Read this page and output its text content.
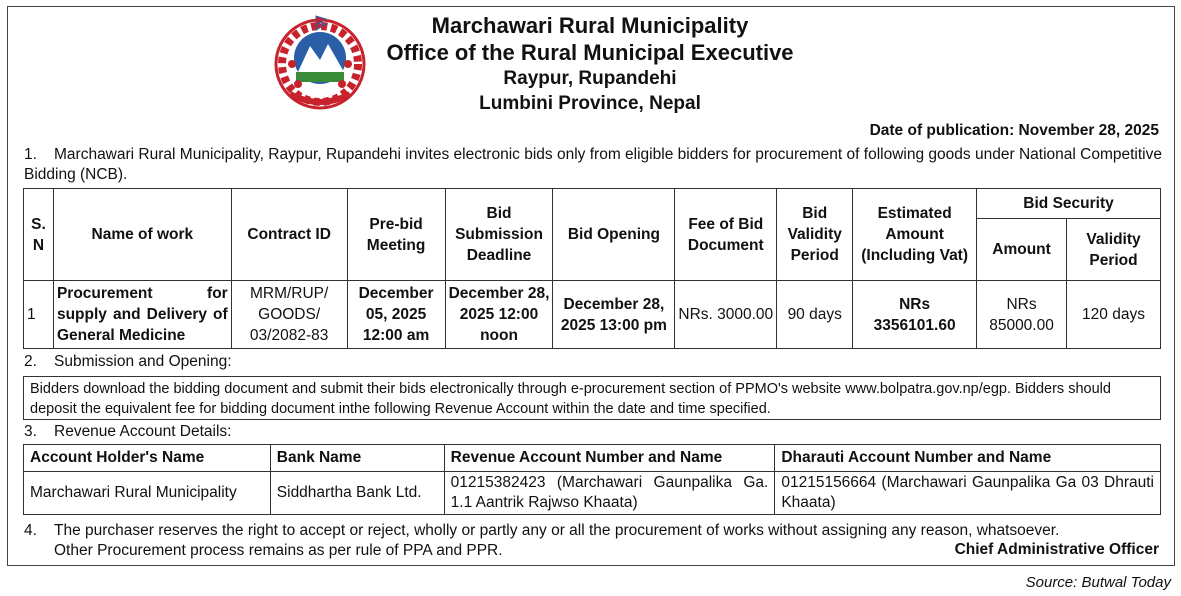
Marchawari Rural Municipality
Office of the Rural Municipal Executive
Raypur, Rupandehi
Lumbini Province, Nepal
Date of publication: November 28, 2025
1. Marchawari Rural Municipality, Raypur, Rupandehi invites electronic bids only from eligible bidders for procurement of following goods under National Competitive Bidding (NCB).
S. N	Name of work	Contract ID	Pre-bid Meeting	Bid Submission Deadline	Bid Opening	Fee of Bid Document	Bid Validity Period	Estimated Amount (Including Vat)	Bid Security	
									Amount	Validity Period
1	Procurement for supply and Delivery of General Medicine	MRM/RUP/ GOODS/ 03/2082-83	December 05, 2025 12:00 am	December 28, 2025 12:00 noon	December 28, 2025 13:00 pm	NRs. 3000.00	90 days	NRs 3356101.60	NRs 85000.00	120 days
2. Submission and Opening:
Bidders download the bidding document and submit their bids electronically through e-procurement section of PPMO's website www.bolpatra.gov.np/egp. Bidders should deposit the equivalent fee for bidding document inthe following Revenue Account within the date and time specified.
3. Revenue Account Details:
Account Holder's Name	Bank Name	Revenue Account Number and Name	Dharauti Account Number and Name
Marchawari Rural Municipality	Siddhartha Bank Ltd.	01215382423 (Marchawari Gaunpalika Ga. 1.1 Aantrik Rajwso Khaata)	01215156664 (Marchawari Gaunpalika Ga 03 Dhrauti Khaata)
4. The purchaser reserves the right to accept or reject, wholly or partly any or all the procurement of works without assigning any reason, whatsoever.
Other Procurement process remains as per rule of PPA and PPR.	Chief Administrative Officer
Source: Butwal Today
